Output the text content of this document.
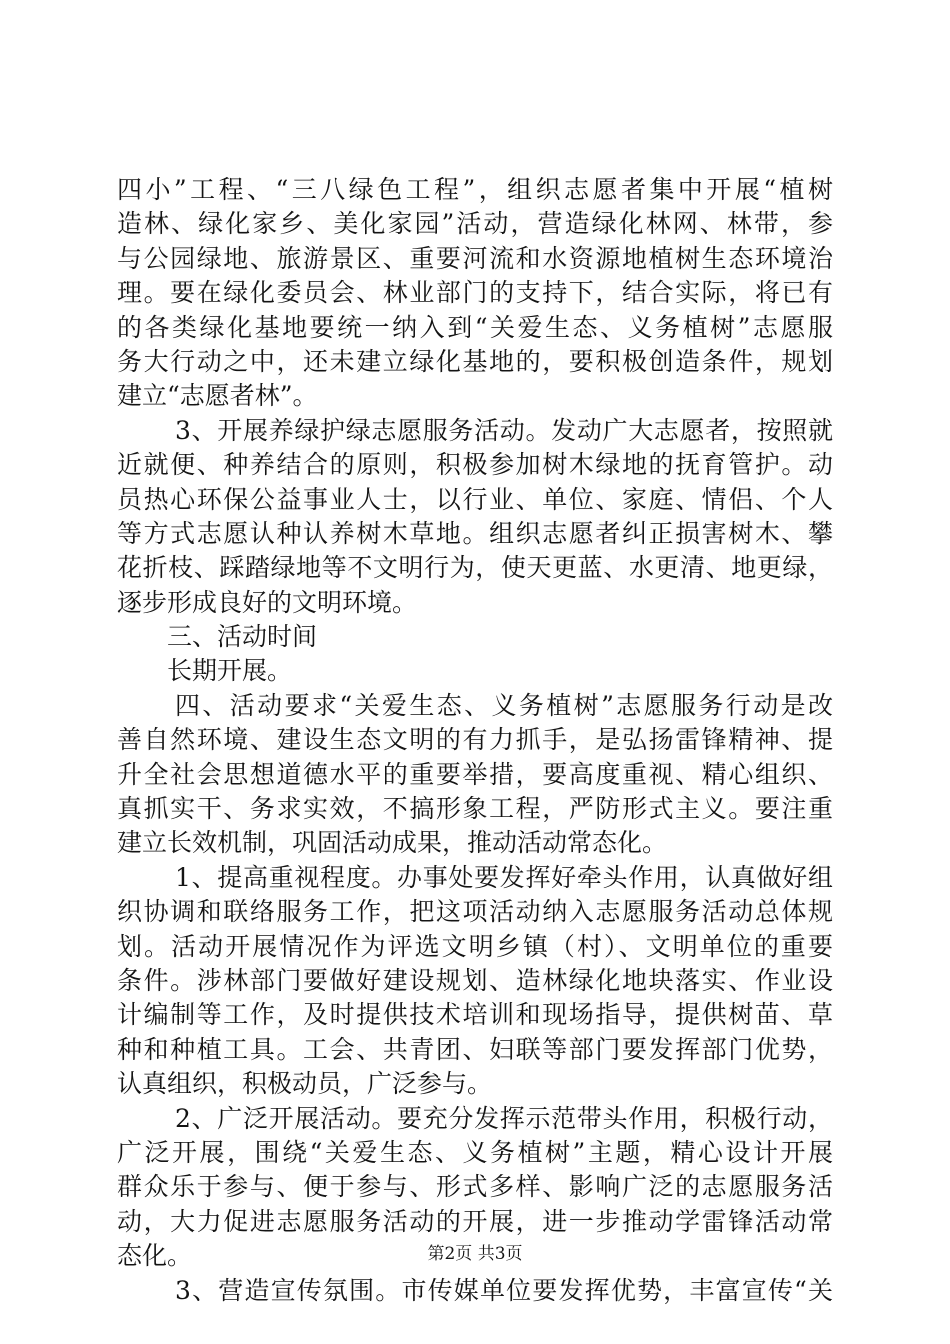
四小”工程、“三八绿色工程”，组织志愿者集中开展“植树
造林、绿化家乡、美化家园”活动，营造绿化林网、林带，参
与公园绿地、旅游景区、重要河流和水资源地植树生态环境治
理。要在绿化委员会、林业部门的支持下，结合实际，将已有
的各类绿化基地要统一纳入到“关爱生态、义务植树”志愿服
务大行动之中，还未建立绿化基地的，要积极创造条件，规划
建立“志愿者林”。
3、开展养绿护绿志愿服务活动。发动广大志愿者，按照就
近就便、种养结合的原则，积极参加树木绿地的抚育管护。动
员热心环保公益事业人士，以行业、单位、家庭、情侣、个人
等方式志愿认种认养树木草地。组织志愿者纠正损害树木、攀
花折枝、踩踏绿地等不文明行为，使天更蓝、水更清、地更绿，
逐步形成良好的文明环境。
三、活动时间
长期开展。
四、活动要求“关爱生态、义务植树”志愿服务行动是改
善自然环境、建设生态文明的有力抓手，是弘扬雷锋精神、提
升全社会思想道德水平的重要举措，要高度重视、精心组织、
真抓实干、务求实效，不搞形象工程，严防形式主义。要注重
建立长效机制，巩固活动成果，推动活动常态化。
1、提高重视程度。办事处要发挥好牵头作用，认真做好组
织协调和联络服务工作，把这项活动纳入志愿服务活动总体规
划。活动开展情况作为评选文明乡镇（村）、文明单位的重要
条件。涉林部门要做好建设规划、造林绿化地块落实、作业设
计编制等工作，及时提供技术培训和现场指导，提供树苗、草
种和种植工具。工会、共青团、妇联等部门要发挥部门优势，
认真组织，积极动员，广泛参与。
2、广泛开展活动。要充分发挥示范带头作用，积极行动，
广泛开展，围绕“关爱生态、义务植树”主题，精心设计开展
群众乐于参与、便于参与、形式多样、影响广泛的志愿服务活
动，大力促进志愿服务活动的开展，进一步推动学雷锋活动常
态化。
3、营造宣传氛围。市传媒单位要发挥优势，丰富宣传“关
第2页 共3页
